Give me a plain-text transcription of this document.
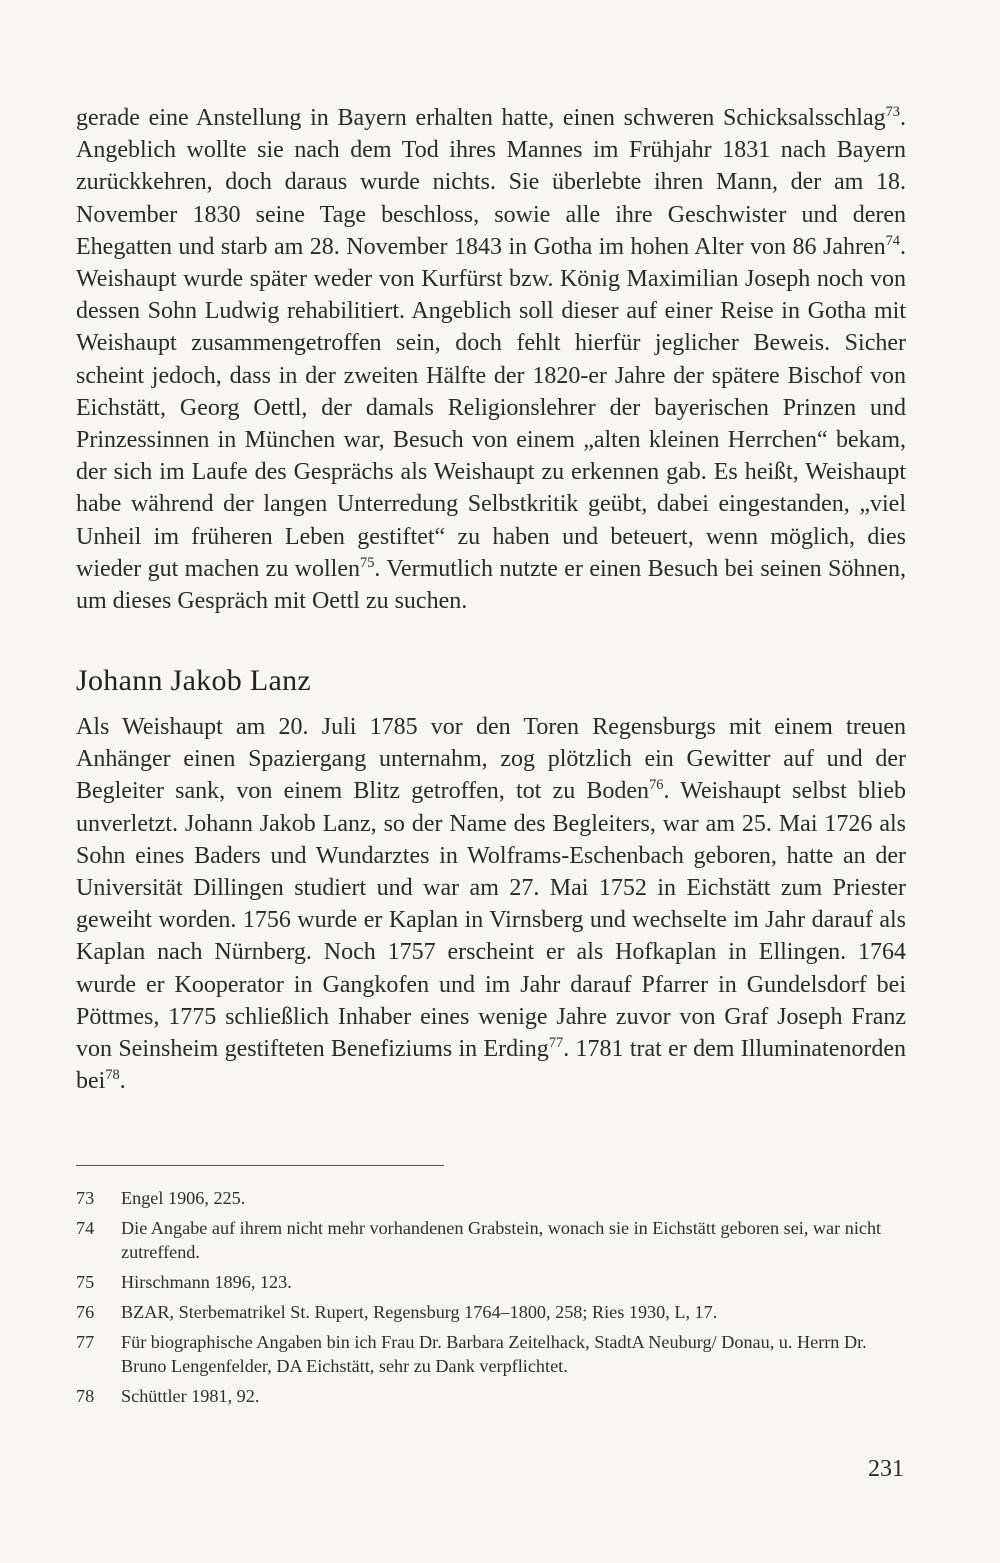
gerade eine Anstellung in Bayern erhalten hatte, einen schweren Schicksalsschlag$^{73}$. Angeblich wollte sie nach dem Tod ihres Mannes im Frühjahr 1831 nach Bayern zurückkehren, doch daraus wurde nichts. Sie überlebte ihren Mann, der am 18. November 1830 seine Tage beschloss, sowie alle ihre Geschwister und deren Ehegatten und starb am 28. November 1843 in Gotha im hohen Alter von 86 Jahren$^{74}$. Weishaupt wurde später weder von Kurfürst bzw. König Maximilian Joseph noch von dessen Sohn Ludwig rehabilitiert. Angeblich soll dieser auf einer Reise in Gotha mit Weishaupt zusammengetroffen sein, doch fehlt hierfür jeglicher Beweis. Sicher scheint jedoch, dass in der zweiten Hälfte der 1820-er Jahre der spätere Bischof von Eichstätt, Georg Oettl, der damals Religionslehrer der bayerischen Prinzen und Prinzessinnen in München war, Besuch von einem „alten kleinen Herrchen“ bekam, der sich im Laufe des Gesprächs als Weishaupt zu erkennen gab. Es heißt, Weishaupt habe während der langen Unterredung Selbstkritik geübt, dabei eingestanden, „viel Unheil im früheren Leben gestiftet“ zu haben und beteuert, wenn möglich, dies wieder gut machen zu wollen$^{75}$. Vermutlich nutzte er einen Besuch bei seinen Söhnen, um dieses Gespräch mit Oettl zu suchen.

Johann Jakob Lanz

Als Weishaupt am 20. Juli 1785 vor den Toren Regensburgs mit einem treuen Anhänger einen Spaziergang unternahm, zog plötzlich ein Gewitter auf und der Begleiter sank, von einem Blitz getroffen, tot zu Boden$^{76}$. Weishaupt selbst blieb unverletzt. Johann Jakob Lanz, so der Name des Begleiters, war am 25. Mai 1726 als Sohn eines Baders und Wundarztes in Wolframs-Eschenbach geboren, hatte an der Universität Dillingen studiert und war am 27. Mai 1752 in Eichstätt zum Priester geweiht worden. 1756 wurde er Kaplan in Virnsberg und wechselte im Jahr darauf als Kaplan nach Nürnberg. Noch 1757 erscheint er als Hofkaplan in Ellingen. 1764 wurde er Kooperator in Gangkofen und im Jahr darauf Pfarrer in Gundelsdorf bei Pöttmes, 1775 schließlich Inhaber eines wenige Jahre zuvor von Graf Joseph Franz von Seinsheim gestifteten Benefiziums in Erding$^{77}$. 1781 trat er dem Illuminatenorden bei$^{78}$.

73	Engel 1906, 225.
74	Die Angabe auf ihrem nicht mehr vorhandenen Grabstein, wonach sie in Eichstätt geboren sei, war nicht zutreffend.
75	Hirschmann 1896, 123.
76	BZAR, Sterbematrikel St. Rupert, Regensburg 1764–1800, 258; Ries 1930, L, 17.
77	Für biographische Angaben bin ich Frau Dr. Barbara Zeitelhack, StadtA Neuburg/ Donau, u. Herrn Dr. Bruno Lengenfelder, DA Eichstätt, sehr zu Dank verpflichtet.
78	Schüttler 1981, 92.
231
